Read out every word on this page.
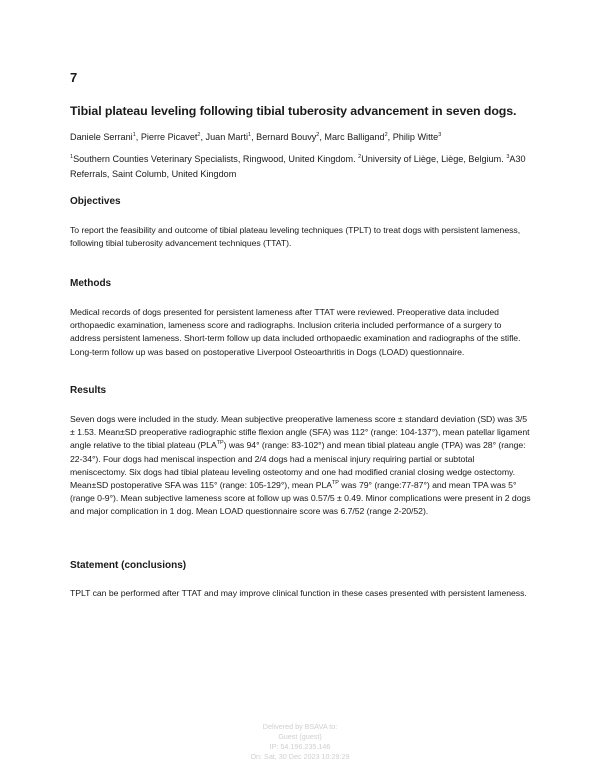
7
Tibial plateau leveling following tibial tuberosity advancement in seven dogs.
Daniele Serrani$^1$, Pierre Picavet$^2$, Juan Marti$^1$, Bernard Bouvy$^2$, Marc Balligand$^2$, Philip Witte$^3$
$^1$Southern Counties Veterinary Specialists, Ringwood, United Kingdom. $^2$University of Liège, Liège, Belgium. $^3$A30 Referrals, Saint Columb, United Kingdom
Objectives
To report the feasibility and outcome of tibial plateau leveling techniques (TPLT) to treat dogs with persistent lameness, following tibial tuberosity advancement techniques (TTAT).
Methods
Medical records of dogs presented for persistent lameness after TTAT were reviewed. Preoperative data included orthopaedic examination, lameness score and radiographs. Inclusion criteria included performance of a surgery to address persistent lameness. Short-term follow up data included orthopaedic examination and radiographs of the stifle. Long-term follow up was based on postoperative Liverpool Osteoarthritis in Dogs (LOAD) questionnaire.
Results
Seven dogs were included in the study. Mean subjective preoperative lameness score ± standard deviation (SD) was 3/5 ± 1.53. Mean±SD preoperative radiographic stifle flexion angle (SFA) was 112° (range: 104-137°), mean patellar ligament angle relative to the tibial plateau $(PLA^{TP})$ was 94° (range: 83-102°) and mean tibial plateau angle (TPA) was 28° (range: 22-34°). Four dogs had meniscal inspection and 2/4 dogs had a meniscal injury requiring partial or subtotal meniscectomy. Six dogs had tibial plateau leveling osteotomy and one had modified cranial closing wedge ostectomy. Mean±SD postoperative SFA was 115° (range: 105-129°), mean $PLA^{TP}$ was 79° (range:77-87°) and mean TPA was 5° (range 0-9°). Mean subjective lameness score at follow up was 0.57/5 ± 0.49. Minor complications were present in 2 dogs and major complication in 1 dog. Mean LOAD questionnaire score was 6.7/52 (range 2-20/52).
Statement (conclusions)
TPLT can be performed after TTAT and may improve clinical function in these cases presented with persistent lameness.
Delivered by BSAVA to:
Guest (guest)
IP: 54.196.235.146
On: Sat, 30 Dec 2023 10:29:29
